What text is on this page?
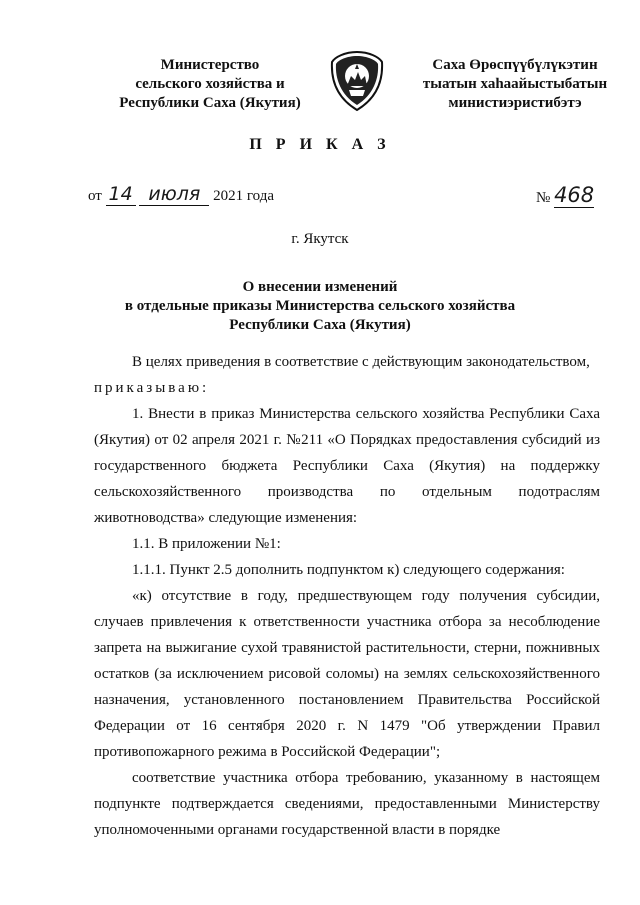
Министерство
сельского хозяйства и
Республики Саха (Якутия)
Саха Өрөспүүбүлүкэтин
тыатын хаһаайыстыбатын
министиэристибэтэ
П Р И К А З
от 14 июля 2021 года	№ 468
г. Якутск
О внесении изменений
в отдельные приказы Министерства сельского хозяйства
Республики Саха (Якутия)

В целях приведения в соответствие с действующим законодательством,

приказываю:

1. Внести в приказ Министерства сельского хозяйства Республики Саха (Якутия) от 02 апреля 2021 г. №211 «О Порядках предоставления субсидий из государственного бюджета Республики Саха (Якутия) на поддержку сельскохозяйственного производства по отдельным подотраслям животноводства» следующие изменения:

1.1. В приложении №1:

1.1.1. Пункт 2.5 дополнить подпунктом к) следующего содержания:

«к) отсутствие в году, предшествующем году получения субсидии, случаев привлечения к ответственности участника отбора за несоблюдение запрета на выжигание сухой травянистой растительности, стерни, пожнивных остатков (за исключением рисовой соломы) на землях сельскохозяйственного назначения, установленного постановлением Правительства Российской Федерации от 16 сентября 2020 г. N 1479 "Об утверждении Правил противопожарного режима в Российской Федерации";

соответствие участника отбора требованию, указанному в настоящем подпункте подтверждается сведениями, предоставленными Министерству уполномоченными органами государственной власти в порядке
